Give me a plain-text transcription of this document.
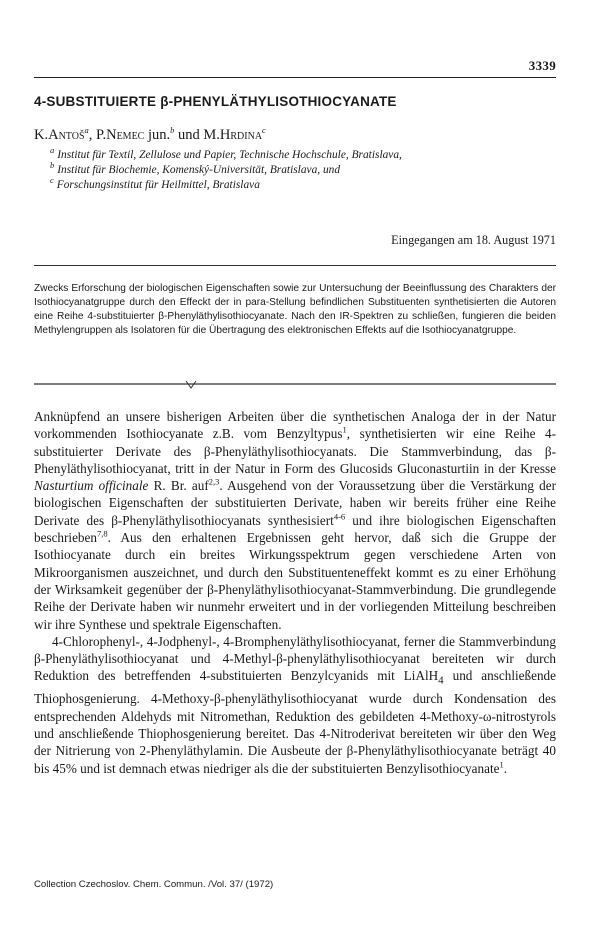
3339
4-SUBSTITUIERTE β-PHENYLÄTHYLISOTHIOCYANATE
K.Antoš$^a$, P.Nemec jun.$^b$ und M.Hrdina$^c$
$^a$ Institut für Textil, Zellulose und Papier, Technische Hochschule, Bratislava,
$^b$ Institut für Biochemie, Komenský-Universität, Bratislava, und
$^c$ Forschungsinstitut für Heilmittel, Bratislava
Eingegangen am 18. August 1971

Zwecks Erforschung der biologischen Eigenschaften sowie zur Untersuchung der Beeinflussung des Charakters der Isothiocyanatgruppe durch den Effeckt der in para-Stellung befindlichen Substituenten synthetisierten die Autoren eine Reihe 4-substituierter β-Phenyläthylisothiocyanate. Nach den IR-Spektren zu schließen, fungieren die beiden Methylengruppen als Isolatoren für die Übertragung des elektronischen Effekts auf die Isothiocyanatgruppe.

Anknüpfend an unsere bisherigen Arbeiten über die synthetischen Analoga der in der Natur vorkommenden Isothiocyanate z.B. vom Benzyltypus$^1$, synthetisierten wir eine Reihe 4-substituierter Derivate des β-Phenyläthylisothiocyanats. Die Stammverbindung, das β-Phenyläthylisothiocyanat, tritt in der Natur in Form des Glucosids Gluconasturtiin in der Kresse Nasturtium officinale R. Br. auf$^{2,3}$. Ausgehend von der Voraussetzung über die Verstärkung der biologischen Eigenschaften der substituierten Derivate, haben wir bereits früher eine Reihe Derivate des β-Phenyläthylisothiocyanats synthesisiert$^{4-6}$ und ihre biologischen Eigenschaften beschrieben$^{7,8}$. Aus den erhaltenen Ergebnissen geht hervor, daß sich die Gruppe der Isothiocyanate durch ein breites Wirkungsspektrum gegen verschiedene Arten von Mikroorganismen auszeichnet, und durch den Substituenteneffekt kommt es zu einer Erhöhung der Wirksamkeit gegenüber der β-Phenyläthylisothiocyanat-Stammverbindung. Die grundlegende Reihe der Derivate haben wir nunmehr erweitert und in der vorliegenden Mitteilung beschreiben wir ihre Synthese und spektrale Eigenschaften.

4-Chlorophenyl-, 4-Jodphenyl-, 4-Bromphenyläthylisothiocyanat, ferner die Stammverbindung β-Phenyläthylisothiocyanat und 4-Methyl-β-phenyläthylisothiocyanat bereiteten wir durch Reduktion des betreffenden 4-substituierten Benzylcyanids mit LiAlH$_4$ und anschließende Thiophosgenierung. 4-Methoxy-β-phenyläthylisothiocyanat wurde durch Kondensation des entsprechenden Aldehyds mit Nitromethan, Reduktion des gebildeten 4-Methoxy-ω-nitrostyrols und anschließende Thiophosgenierung bereitet. Das 4-Nitroderivat bereiteten wir über den Weg der Nitrierung von 2-Phenyläthylamin. Die Ausbeute der β-Phenyläthylisothiocyanate beträgt 40 bis 45% und ist demnach etwas niedriger als die der substituierten Benzylisothiocyanate$^1$.

Collection Czechoslov. Chem. Commun. /Vol. 37/ (1972)
